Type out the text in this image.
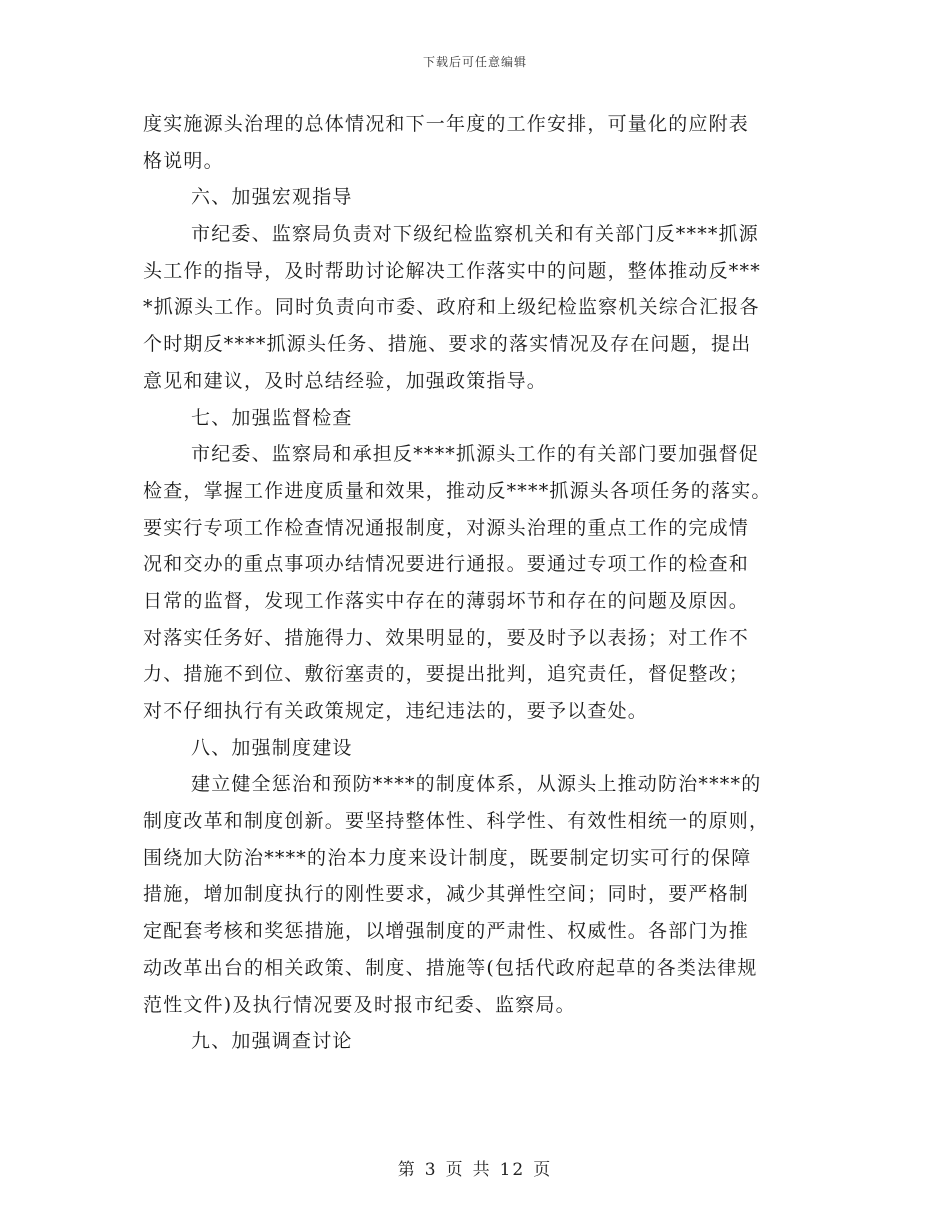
下载后可任意编辑
度实施源头治理的总体情况和下一年度的工作安排，可量化的应附表
格说明。
六、加强宏观指导
市纪委、监察局负责对下级纪检监察机关和有关部门反****抓源
头工作的指导，及时帮助讨论解决工作落实中的问题，整体推动反***
*抓源头工作。同时负责向市委、政府和上级纪检监察机关综合汇报各
个时期反****抓源头任务、措施、要求的落实情况及存在问题，提出
意见和建议，及时总结经验，加强政策指导。
七、加强监督检查
市纪委、监察局和承担反****抓源头工作的有关部门要加强督促
检查，掌握工作进度质量和效果，推动反****抓源头各项任务的落实。
要实行专项工作检查情况通报制度，对源头治理的重点工作的完成情
况和交办的重点事项办结情况要进行通报。要通过专项工作的检查和
日常的监督，发现工作落实中存在的薄弱坏节和存在的问题及原因。
对落实任务好、措施得力、效果明显的，要及时予以表扬；对工作不
力、措施不到位、敷衍塞责的，要提出批判，追究责任，督促整改；
对不仔细执行有关政策规定，违纪违法的，要予以查处。
八、加强制度建设
建立健全惩治和预防****的制度体系，从源头上推动防治****的
制度改革和制度创新。要坚持整体性、科学性、有效性相统一的原则，
围绕加大防治****的治本力度来设计制度，既要制定切实可行的保障
措施，增加制度执行的刚性要求，减少其弹性空间；同时，要严格制
定配套考核和奖惩措施，以增强制度的严肃性、权威性。各部门为推
动改革出台的相关政策、制度、措施等(包括代政府起草的各类法律规
范性文件)及执行情况要及时报市纪委、监察局。
九、加强调查讨论
第 3 页 共 12 页
